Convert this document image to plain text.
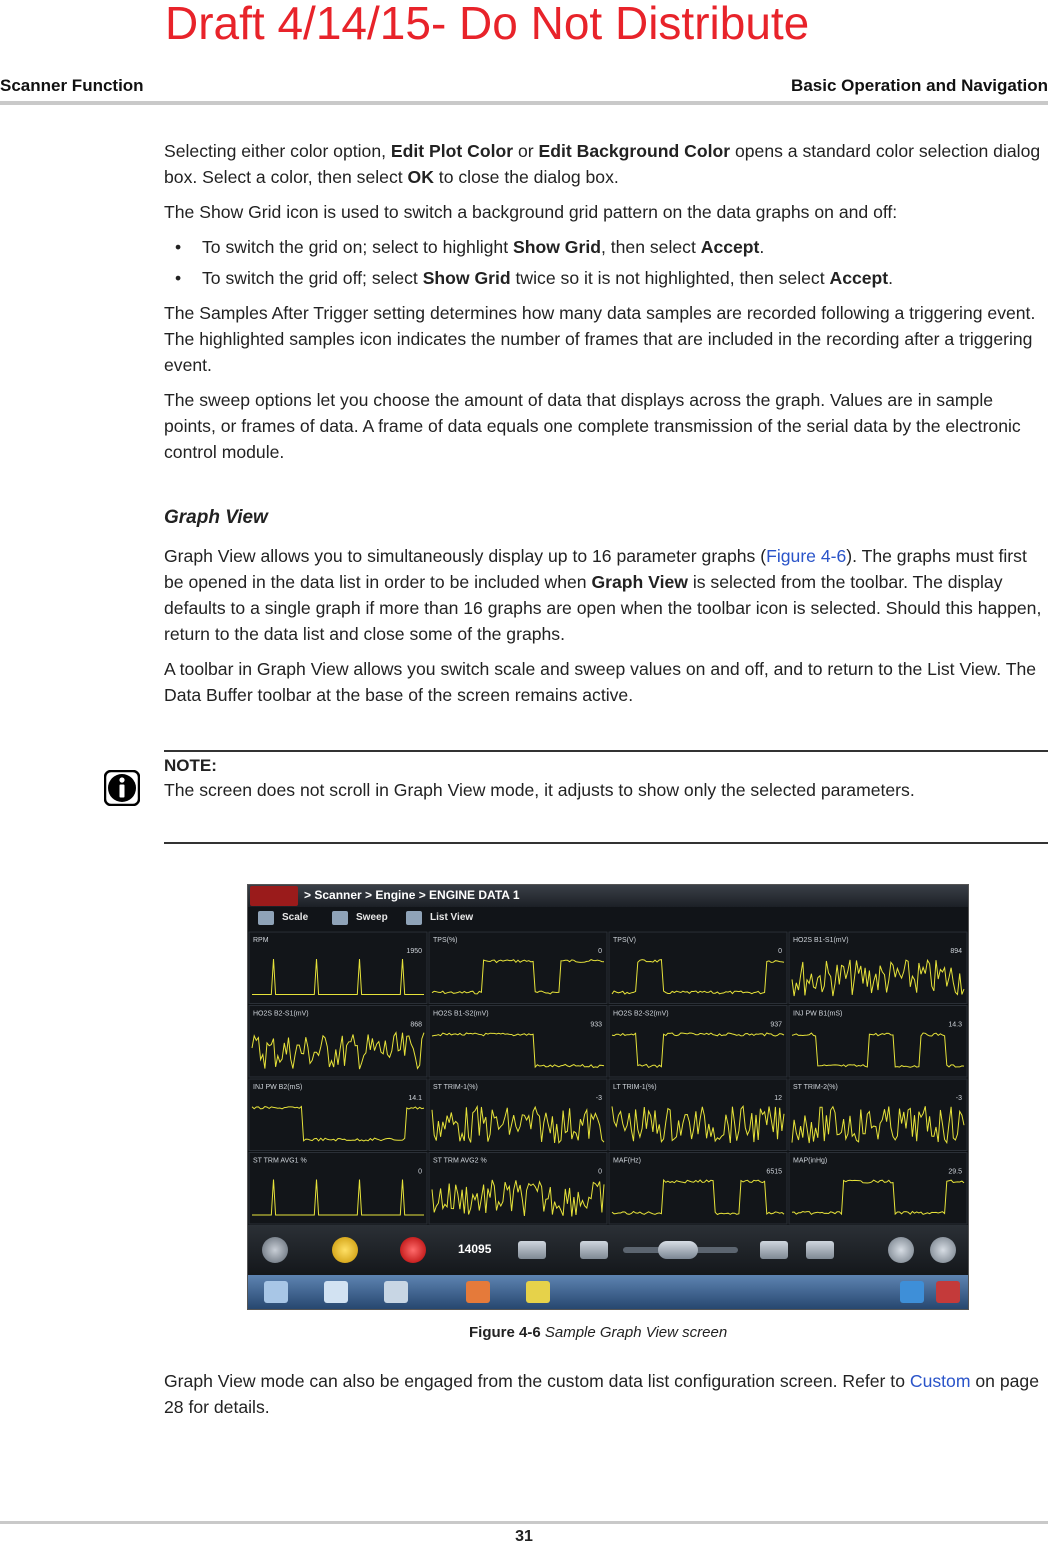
Draft 4/14/15- Do Not Distribute
Scanner Function	Basic Operation and Navigation

Selecting either color option, Edit Plot Color or Edit Background Color opens a standard color selection dialog box. Select a color, then select OK to close the dialog box.

The Show Grid icon is used to switch a background grid pattern on the data graphs on and off:

• To switch the grid on; select to highlight Show Grid, then select Accept.
• To switch the grid off; select Show Grid twice so it is not highlighted, then select Accept.

The Samples After Trigger setting determines how many data samples are recorded following a triggering event. The highlighted samples icon indicates the number of frames that are included in the recording after a triggering event.

The sweep options let you choose the amount of data that displays across the graph. Values are in sample points, or frames of data. A frame of data equals one complete transmission of the serial data by the electronic control module.

Graph View

Graph View allows you to simultaneously display up to 16 parameter graphs (Figure 4-6). The graphs must first be opened in the data list in order to be included when Graph View is selected from the toolbar. The display defaults to a single graph if more than 16 graphs are open when the toolbar icon is selected. Should this happen, return to the data list and close some of the graphs.

A toolbar in Graph View allows you switch scale and sweep values on and off, and to return to the List View. The Data Buffer toolbar at the base of the screen remains active.

NOTE:
The screen does not scroll in Graph View mode, it adjusts to show only the selected parameters.
> Scanner > Engine > ENGINE DATA 1
Scale	Sweep	List View
RPM
1950
TPS(%)
0
TPS(V)
0
HO2S B1-S1(mV)
894
HO2S B2-S1(mV)
868
HO2S B1-S2(mV)
933
HO2S B2-S2(mV)
937
INJ PW B1(mS)
14.3
INJ PW B2(mS)
14.1
ST TRIM-1(%)
-3
LT TRIM-1(%)
12
ST TRIM-2(%)
-3
ST TRM AVG1 %
0
ST TRM AVG2 %
0
MAF(Hz)
6515
MAP(inHg)
29.5
14095
Figure 4-6 Sample Graph View screen

Graph View mode can also be engaged from the custom data list configuration screen. Refer to Custom on page 28 for details.

31
